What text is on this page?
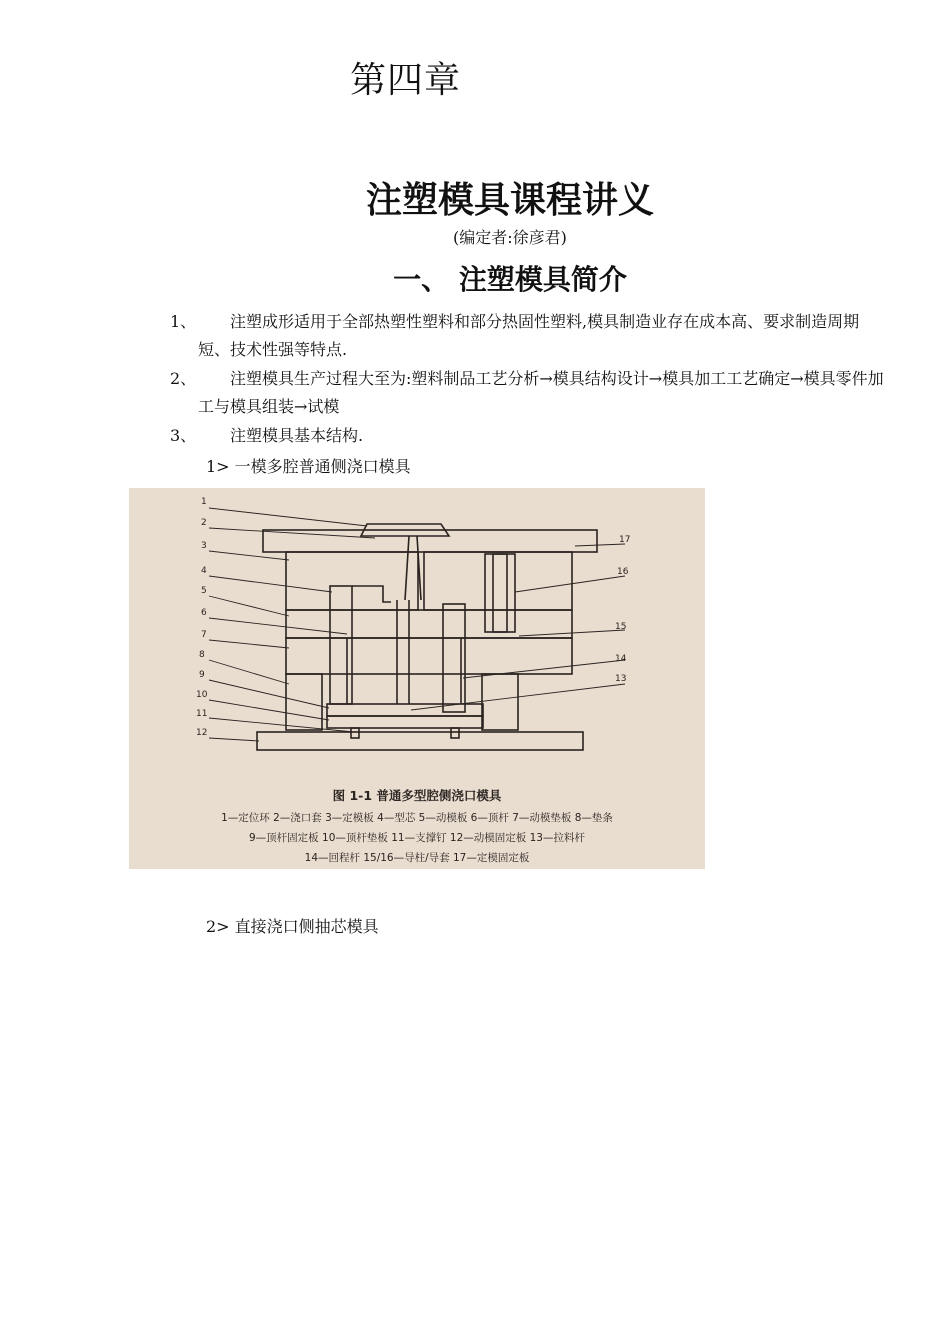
第四章
注塑模具课程讲义
(编定者:徐彦君)
一、 注塑模具简介
1、	注塑成形适用于全部热塑性塑料和部分热固性塑料,模具制造业存在成本高、要求制造周期短、技术性强等特点.
2、	注塑模具生产过程大至为:塑料制品工艺分析→模具结构设计→模具加工工艺确定→模具零件加工与模具组装→试模
3、	注塑模具基本结构.
1> 一模多腔普通侧浇口模具
1
2
3
4
5
6
7
8
9
10
11
12
17
16
15
14
13
图 1-1 普通多型腔侧浇口模具
1—定位环 2—浇口套 3—定模板 4—型芯 5—动模板 6—顶杆 7—动模垫板 8—垫条
9—顶杆固定板 10—顶杆垫板 11—支撑钉 12—动模固定板 13—拉料杆
14—回程杆 15/16—导柱/导套 17—定模固定板
2> 直接浇口侧抽芯模具
